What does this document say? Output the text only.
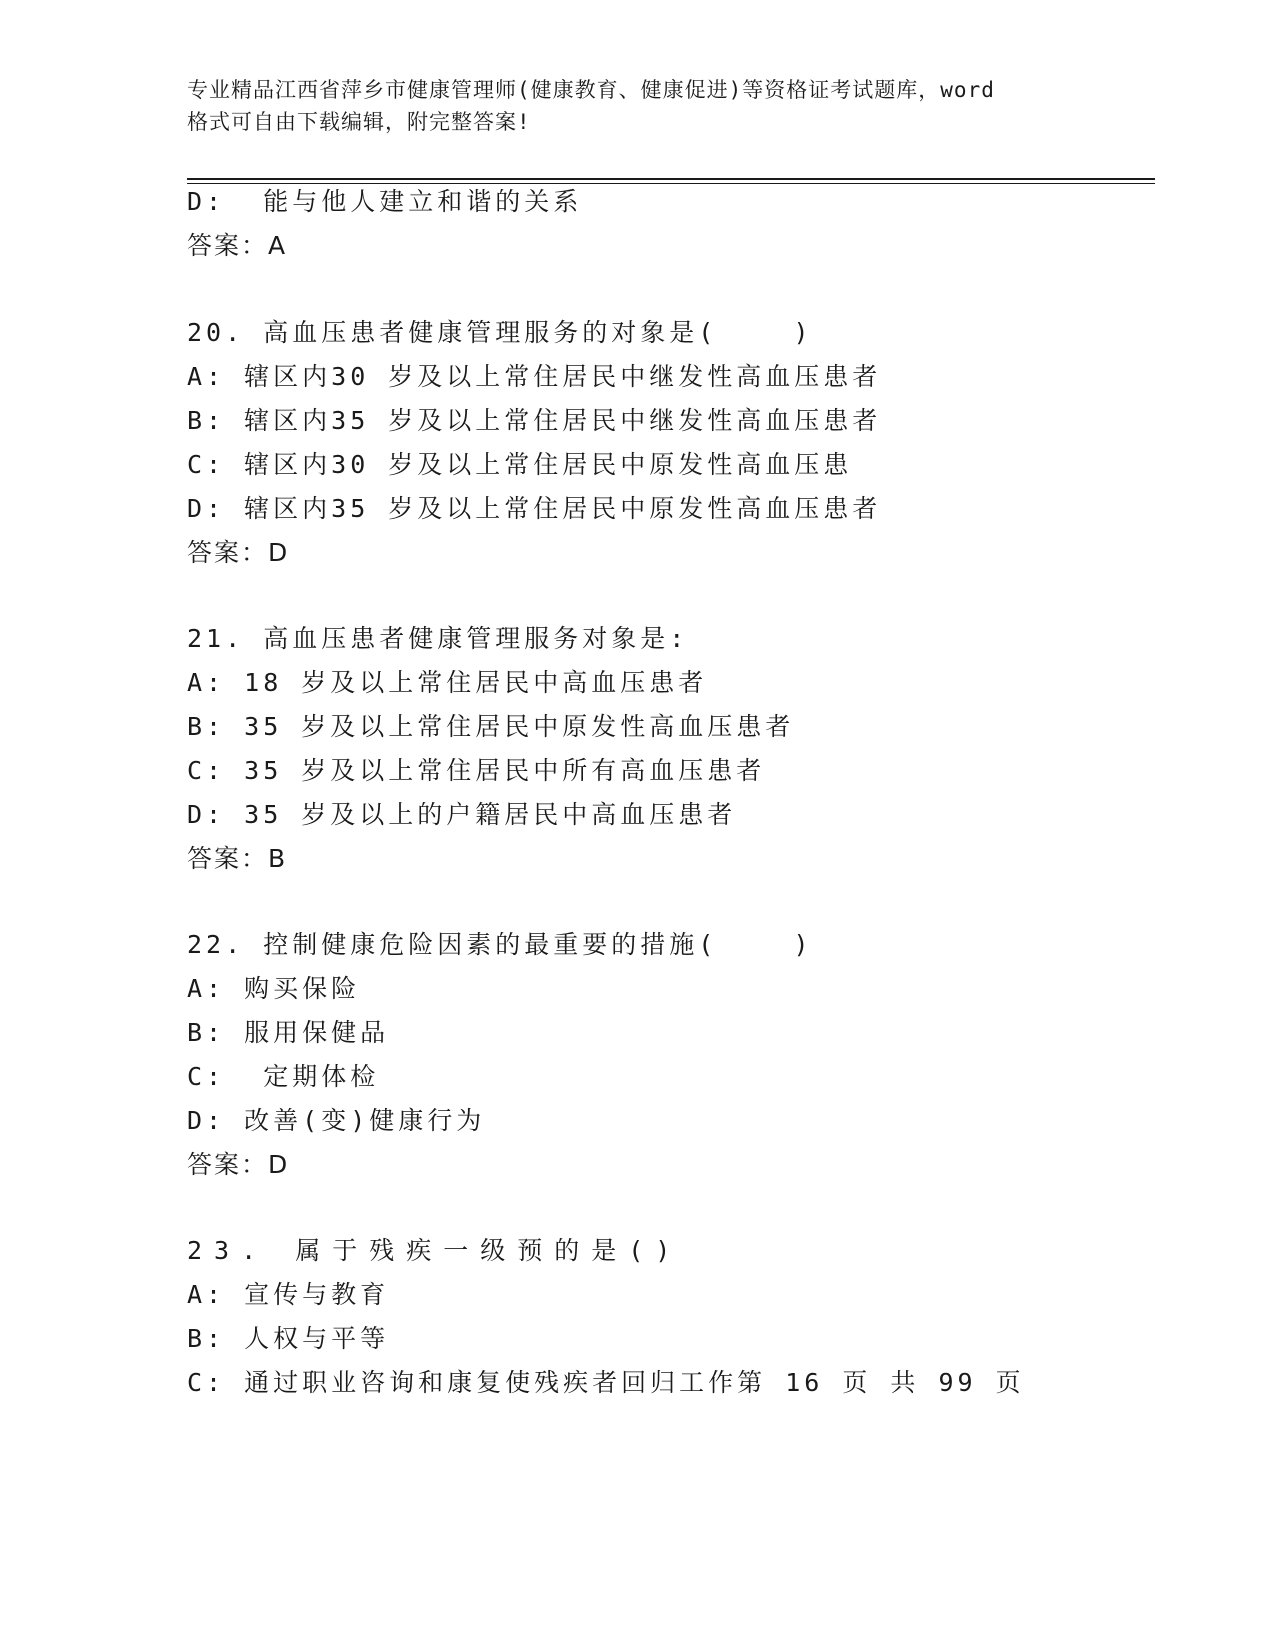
专业精品江西省萍乡市健康管理师(健康教育、健康促进)等资格证考试题库，word
格式可自由下载编辑，附完整答案!
D:  能与他人建立和谐的关系
答案：A
20. 高血压患者健康管理服务的对象是(    )
A: 辖区内30 岁及以上常住居民中继发性高血压患者
B: 辖区内35 岁及以上常住居民中继发性高血压患者
C: 辖区内30 岁及以上常住居民中原发性高血压患
D: 辖区内35 岁及以上常住居民中原发性高血压患者
答案：D
21. 高血压患者健康管理服务对象是:
A: 18 岁及以上常住居民中高血压患者
B: 35 岁及以上常住居民中原发性高血压患者
C: 35 岁及以上常住居民中所有高血压患者
D: 35 岁及以上的户籍居民中高血压患者
答案：B
22. 控制健康危险因素的最重要的措施(    )
A: 购买保险
B: 服用保健品
C:  定期体检
D: 改善(变)健康行为
答案：D
23. 属于残疾一级预的是()
A: 宣传与教育
B: 人权与平等
C: 通过职业咨询和康复使残疾者回归工作第 16 页 共 99 页
